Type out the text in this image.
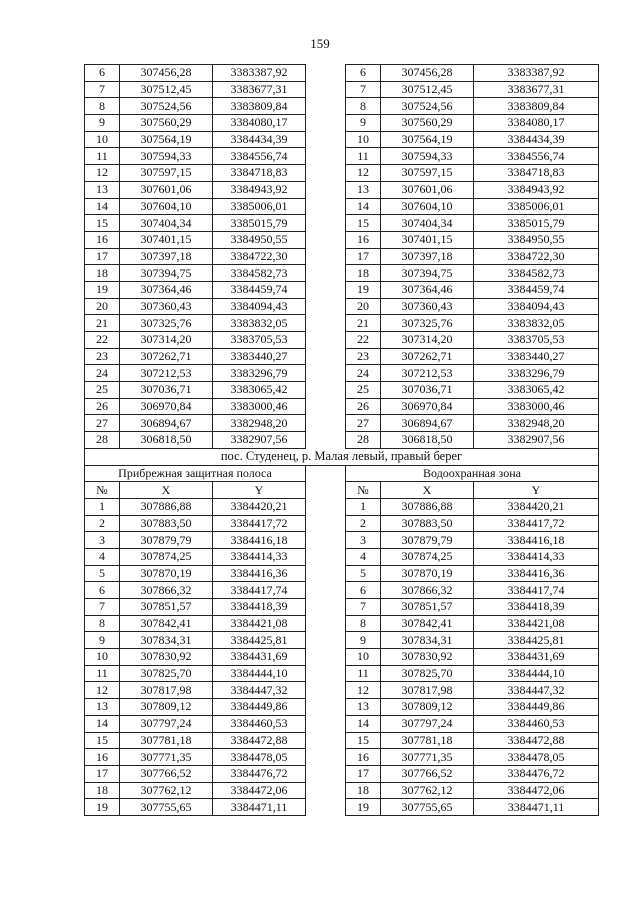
159
6	307456,28	3383387,92		6	307456,28	3383387,92
7	307512,45	3383677,31		7	307512,45	3383677,31
8	307524,56	3383809,84		8	307524,56	3383809,84
9	307560,29	3384080,17		9	307560,29	3384080,17
10	307564,19	3384434,39		10	307564,19	3384434,39
11	307594,33	3384556,74		11	307594,33	3384556,74
12	307597,15	3384718,83		12	307597,15	3384718,83
13	307601,06	3384943,92		13	307601,06	3384943,92
14	307604,10	3385006,01		14	307604,10	3385006,01
15	307404,34	3385015,79		15	307404,34	3385015,79
16	307401,15	3384950,55		16	307401,15	3384950,55
17	307397,18	3384722,30		17	307397,18	3384722,30
18	307394,75	3384582,73		18	307394,75	3384582,73
19	307364,46	3384459,74		19	307364,46	3384459,74
20	307360,43	3384094,43		20	307360,43	3384094,43
21	307325,76	3383832,05		21	307325,76	3383832,05
22	307314,20	3383705,53		22	307314,20	3383705,53
23	307262,71	3383440,27		23	307262,71	3383440,27
24	307212,53	3383296,79		24	307212,53	3383296,79
25	307036,71	3383065,42		25	307036,71	3383065,42
26	306970,84	3383000,46		26	306970,84	3383000,46
27	306894,67	3382948,20		27	306894,67	3382948,20
28	306818,50	3382907,56		28	306818,50	3382907,56
пос. Студенец, р. Малая левый, правый берег						
Прибрежная защитная полоса				Водоохранная зона		
№	X	Y		№	X	Y
1	307886,88	3384420,21		1	307886,88	3384420,21
2	307883,50	3384417,72		2	307883,50	3384417,72
3	307879,79	3384416,18		3	307879,79	3384416,18
4	307874,25	3384414,33		4	307874,25	3384414,33
5	307870,19	3384416,36		5	307870,19	3384416,36
6	307866,32	3384417,74		6	307866,32	3384417,74
7	307851,57	3384418,39		7	307851,57	3384418,39
8	307842,41	3384421,08		8	307842,41	3384421,08
9	307834,31	3384425,81		9	307834,31	3384425,81
10	307830,92	3384431,69		10	307830,92	3384431,69
11	307825,70	3384444,10		11	307825,70	3384444,10
12	307817,98	3384447,32		12	307817,98	3384447,32
13	307809,12	3384449,86		13	307809,12	3384449,86
14	307797,24	3384460,53		14	307797,24	3384460,53
15	307781,18	3384472,88		15	307781,18	3384472,88
16	307771,35	3384478,05		16	307771,35	3384478,05
17	307766,52	3384476,72		17	307766,52	3384476,72
18	307762,12	3384472,06		18	307762,12	3384472,06
19	307755,65	3384471,11		19	307755,65	3384471,11
